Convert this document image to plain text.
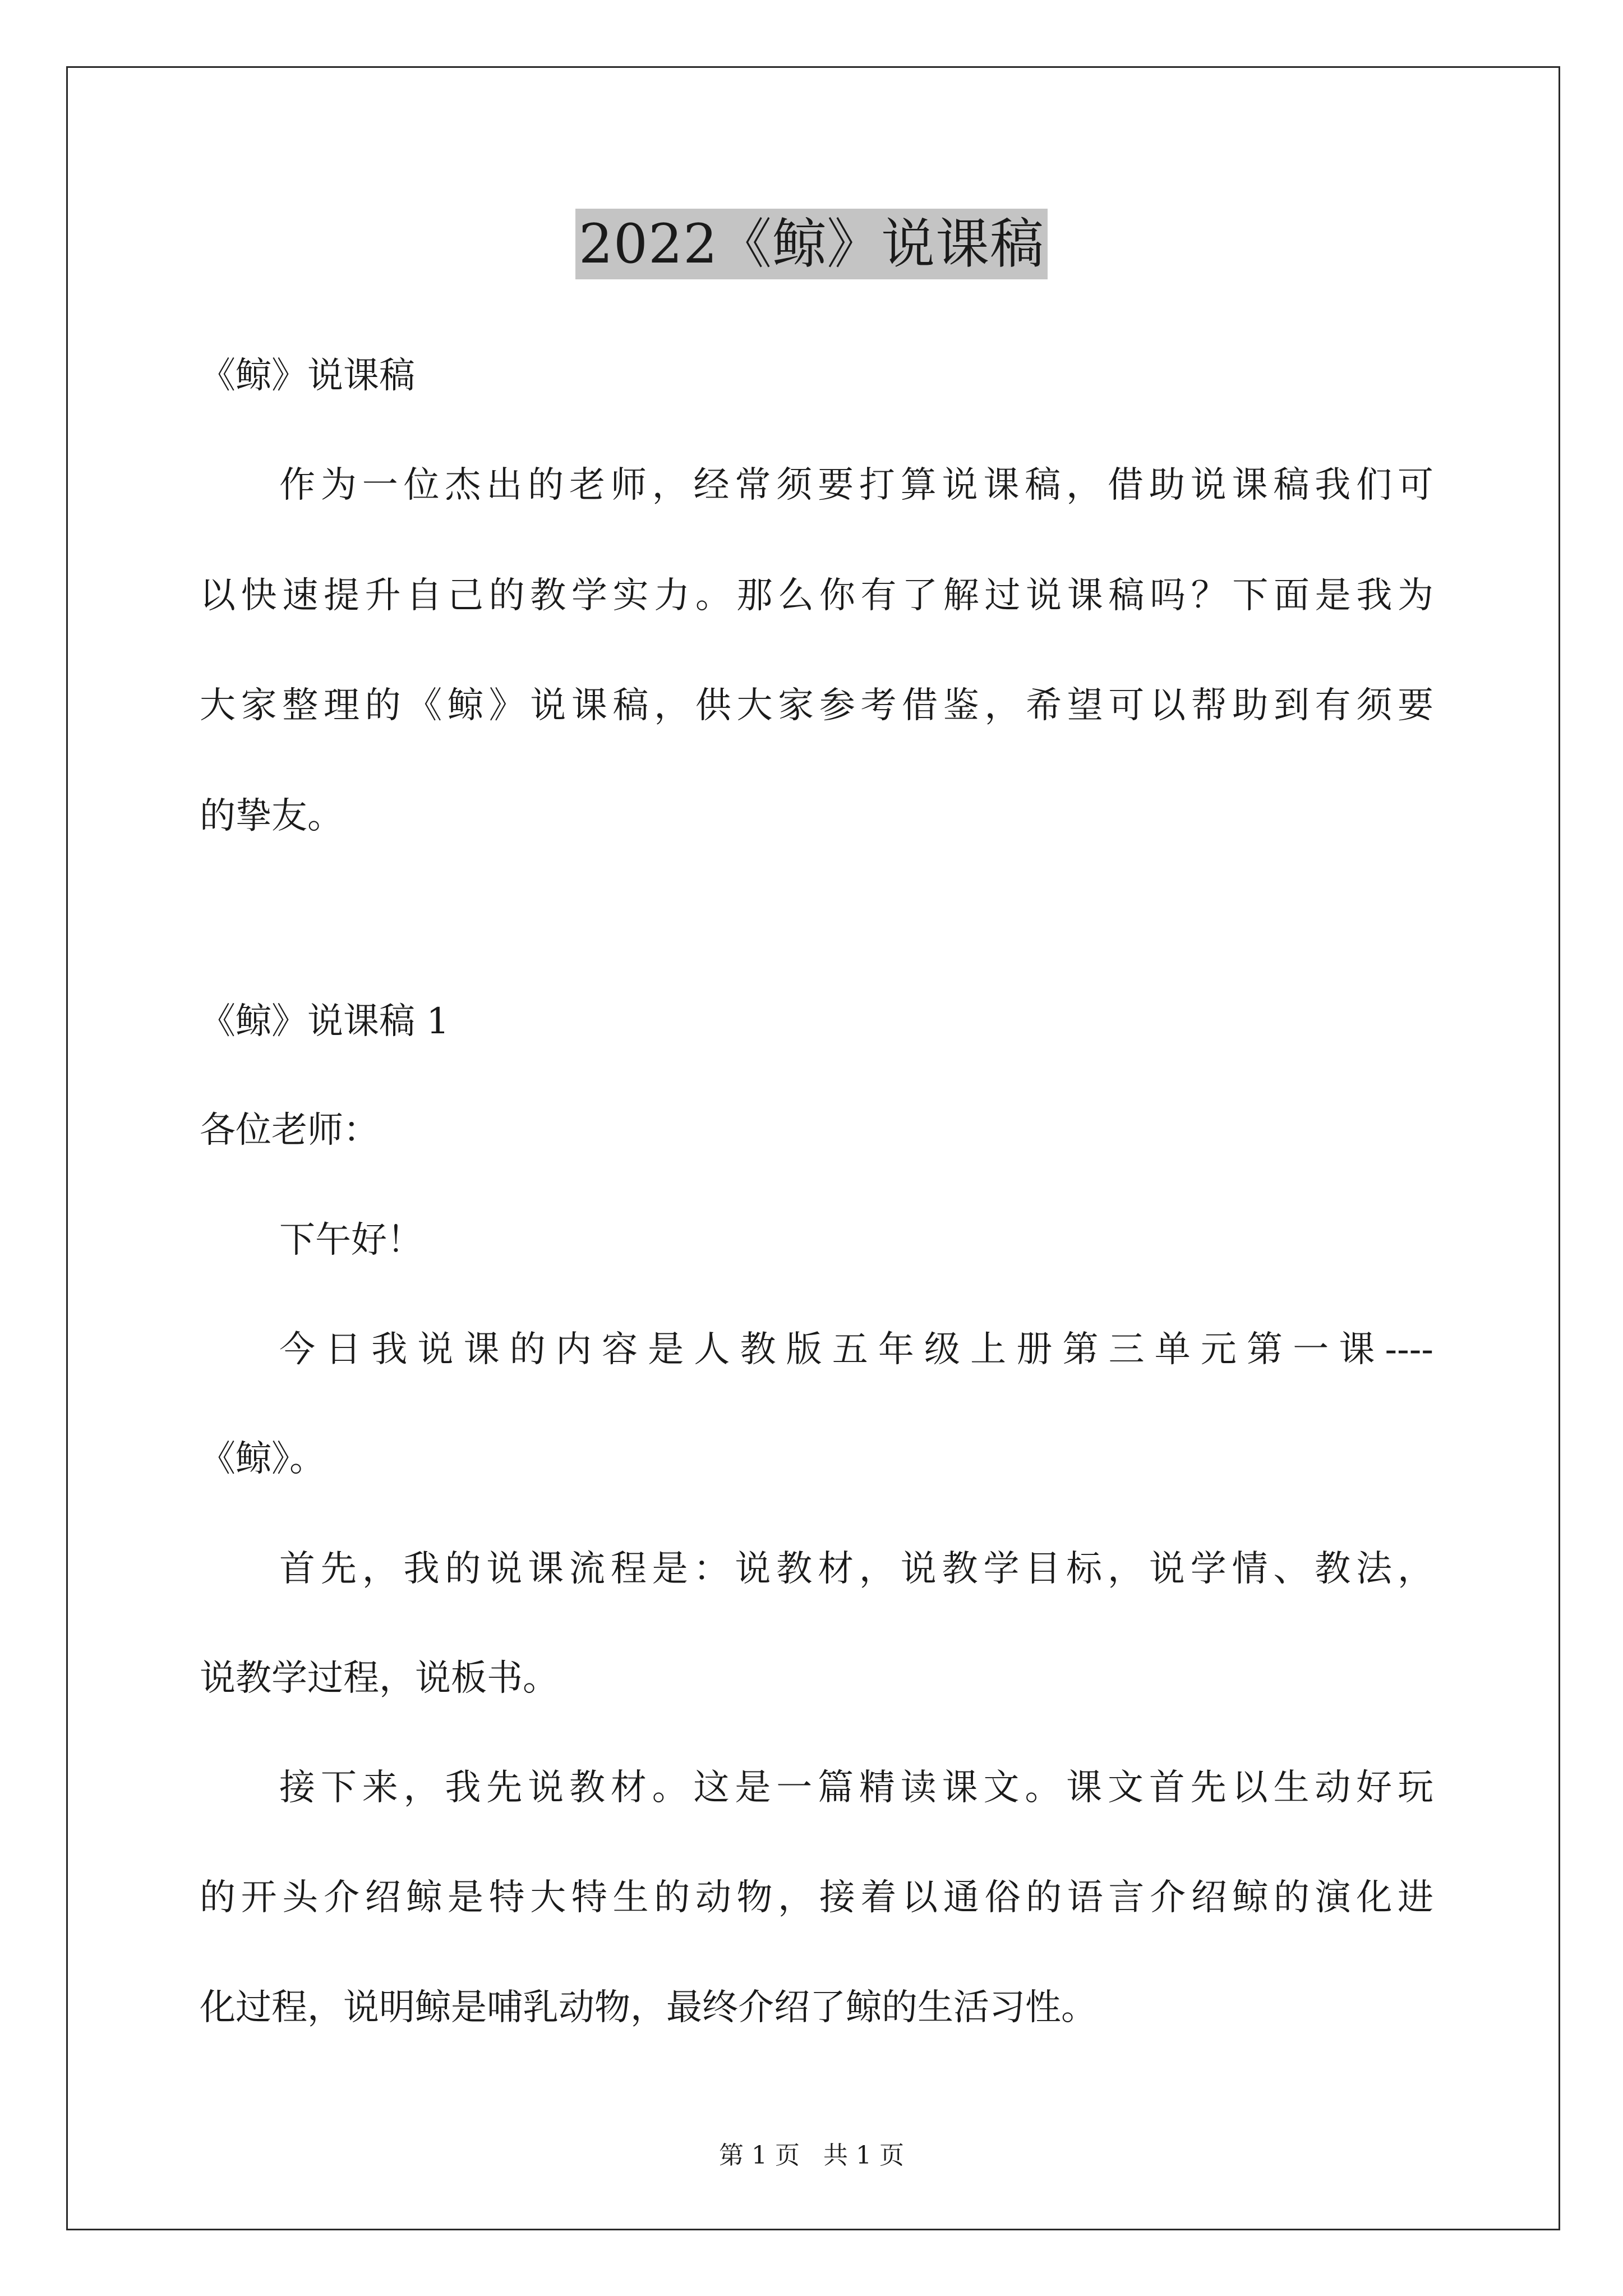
2022《鲸》说课稿
《鲸》说课稿
作为一位杰出的老师，经常须要打算说课稿，借助说课稿我们可
以快速提升自己的教学实力。那么你有了解过说课稿吗？下面是我为
大家整理的《鲸》说课稿，供大家参考借鉴，希望可以帮助到有须要
的挚友。
《鲸》说课稿 1
各位老师：
下午好！
今日我说课的内容是人教版五年级上册第三单元第一课----
《鲸》。
首先，我的说课流程是：说教材，说教学目标，说学情、教法，
说教学过程，说板书。
接下来，我先说教材。这是一篇精读课文。课文首先以生动好玩
的开头介绍鲸是特大特生的动物，接着以通俗的语言介绍鲸的演化进
化过程，说明鲸是哺乳动物，最终介绍了鲸的生活习性。
第 1 页   共 1 页
